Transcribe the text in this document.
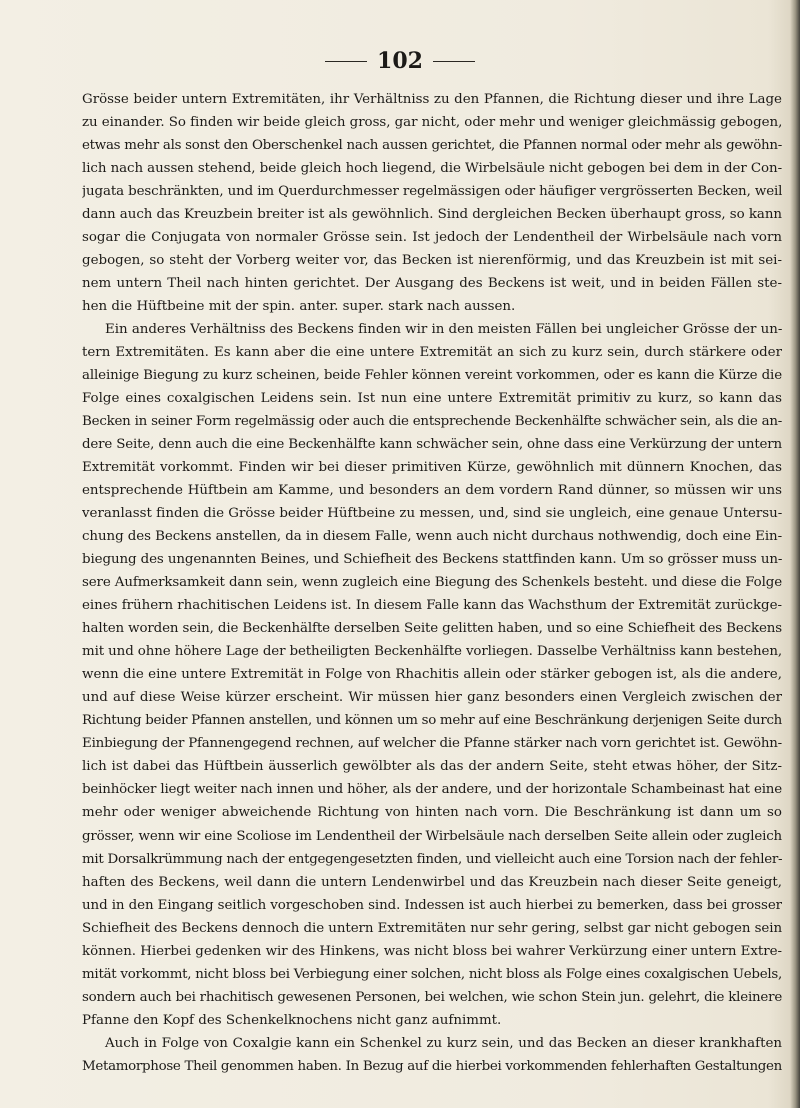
102
Grösse beider untern Extremitäten, ihr Verhältniss zu den Pfannen, die Richtung dieser und ihre Lage
zu einander. So finden wir beide gleich gross, gar nicht, oder mehr und weniger gleichmässig gebogen,
etwas mehr als sonst den Oberschenkel nach aussen gerichtet, die Pfannen normal oder mehr als gewöhn-
lich nach aussen stehend, beide gleich hoch liegend, die Wirbelsäule nicht gebogen bei dem in der Con-
jugata beschränkten, und im Querdurchmesser regelmässigen oder häufiger vergrösserten Becken, weil
dann auch das Kreuzbein breiter ist als gewöhnlich. Sind dergleichen Becken überhaupt gross, so kann
sogar die Conjugata von normaler Grösse sein. Ist jedoch der Lendentheil der Wirbelsäule nach vorn
gebogen, so steht der Vorberg weiter vor, das Becken ist nierenförmig, und das Kreuzbein ist mit sei-
nem untern Theil nach hinten gerichtet. Der Ausgang des Beckens ist weit, und in beiden Fällen ste-
hen die Hüftbeine mit der spin. anter. super. stark nach aussen.
Ein anderes Verhältniss des Beckens finden wir in den meisten Fällen bei ungleicher Grösse der un-
tern Extremitäten. Es kann aber die eine untere Extremität an sich zu kurz sein, durch stärkere oder
alleinige Biegung zu kurz scheinen, beide Fehler können vereint vorkommen, oder es kann die Kürze die
Folge eines coxalgischen Leidens sein. Ist nun eine untere Extremität primitiv zu kurz, so kann das
Becken in seiner Form regelmässig oder auch die entsprechende Beckenhälfte schwächer sein, als die an-
dere Seite, denn auch die eine Beckenhälfte kann schwächer sein, ohne dass eine Verkürzung der untern
Extremität vorkommt. Finden wir bei dieser primitiven Kürze, gewöhnlich mit dünnern Knochen, das
entsprechende Hüftbein am Kamme, und besonders an dem vordern Rand dünner, so müssen wir uns
veranlasst finden die Grösse beider Hüftbeine zu messen, und, sind sie ungleich, eine genaue Untersu-
chung des Beckens anstellen, da in diesem Falle, wenn auch nicht durchaus nothwendig, doch eine Ein-
biegung des ungenannten Beines, und Schiefheit des Beckens stattfinden kann. Um so grösser muss un-
sere Aufmerksamkeit dann sein, wenn zugleich eine Biegung des Schenkels besteht. und diese die Folge
eines frühern rhachitischen Leidens ist. In diesem Falle kann das Wachsthum der Extremität zurückge-
halten worden sein, die Beckenhälfte derselben Seite gelitten haben, und so eine Schiefheit des Beckens
mit und ohne höhere Lage der betheiligten Beckenhälfte vorliegen. Dasselbe Verhältniss kann bestehen,
wenn die eine untere Extremität in Folge von Rhachitis allein oder stärker gebogen ist, als die andere,
und auf diese Weise kürzer erscheint. Wir müssen hier ganz besonders einen Vergleich zwischen der
Richtung beider Pfannen anstellen, und können um so mehr auf eine Beschränkung derjenigen Seite durch
Einbiegung der Pfannengegend rechnen, auf welcher die Pfanne stärker nach vorn gerichtet ist. Gewöhn-
lich ist dabei das Hüftbein äusserlich gewölbter als das der andern Seite, steht etwas höher, der Sitz-
beinhöcker liegt weiter nach innen und höher, als der andere, und der horizontale Schambeinast hat eine
mehr oder weniger abweichende Richtung von hinten nach vorn. Die Beschränkung ist dann um so
grösser, wenn wir eine Scoliose im Lendentheil der Wirbelsäule nach derselben Seite allein oder zugleich
mit Dorsalkrümmung nach der entgegengesetzten finden, und vielleicht auch eine Torsion nach der fehler-
haften des Beckens, weil dann die untern Lendenwirbel und das Kreuzbein nach dieser Seite geneigt,
und in den Eingang seitlich vorgeschoben sind. Indessen ist auch hierbei zu bemerken, dass bei grosser
Schiefheit des Beckens dennoch die untern Extremitäten nur sehr gering, selbst gar nicht gebogen sein
können. Hierbei gedenken wir des Hinkens, was nicht bloss bei wahrer Verkürzung einer untern Extre-
mität vorkommt, nicht bloss bei Verbiegung einer solchen, nicht bloss als Folge eines coxalgischen Uebels,
sondern auch bei rhachitisch gewesenen Personen, bei welchen, wie schon Stein jun. gelehrt, die kleinere
Pfanne den Kopf des Schenkelknochens nicht ganz aufnimmt.
Auch in Folge von Coxalgie kann ein Schenkel zu kurz sein, und das Becken an dieser krankhaften
Metamorphose Theil genommen haben. In Bezug auf die hierbei vorkommenden fehlerhaften Gestaltungen
